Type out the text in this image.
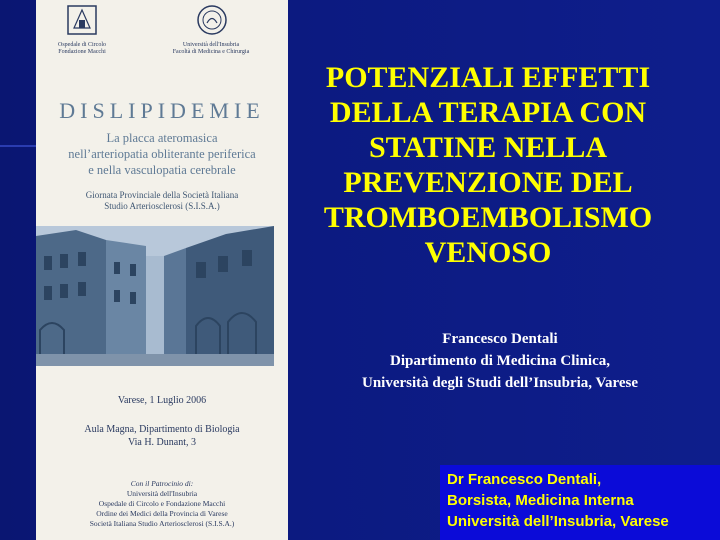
Ospedale di Circolo
Fondazione Macchi
Università dell'Insubria
Facoltà di Medicina e Chirurgia
DISLIPIDEMIE
La placca ateromasica
nell’arteriopatia obliterante periferica
e nella vasculopatia cerebrale
Giornata Provinciale della Società Italiana
Studio Arteriosclerosi (S.I.S.A.)
Varese, 1 Luglio 2006
Aula Magna, Dipartimento di Biologia
Via H. Dunant, 3
Con il Patrocinio di:
Università dell'Insubria
Ospedale di Circolo e Fondazione Macchi
Ordine dei Medici della Provincia di Varese
Società Italiana Studio Arteriosclerosi (S.I.S.A.)
POTENZIALI EFFETTI
DELLA TERAPIA CON
STATINE NELLA
PREVENZIONE DEL
TROMBOEMBOLISMO
VENOSO
Francesco Dentali
Dipartimento di Medicina Clinica,
Università degli Studi dell’Insubria, Varese
Dr Francesco Dentali,
Borsista, Medicina Interna
Università dell’Insubria, Varese
